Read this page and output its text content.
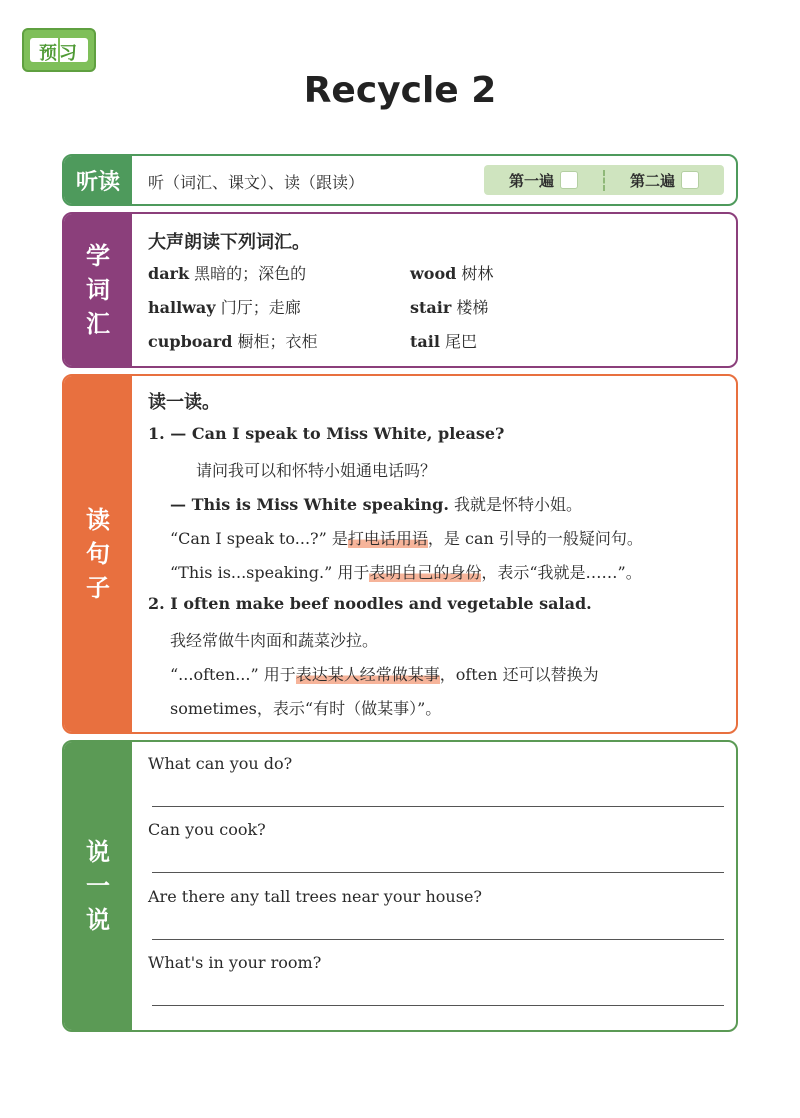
预习
Recycle 2
听读	听（词汇、课文）、读（跟读）	第一遍	第二遍
学
词
汇
大声朗读下列词汇。
dark 黑暗的；深色的	wood 树林
hallway 门厅；走廊	stair 楼梯
cupboard 橱柜；衣柜	tail 尾巴
读
句
子
读一读。
1. — Can I speak to Miss White, please?
请问我可以和怀特小姐通电话吗？
— This is Miss White speaking. 我就是怀特小姐。
“Can I speak to...?” 是打电话用语，是 can 引导的一般疑问句。
“This is...speaking.” 用于表明自己的身份，表示“我就是……”。
2. I often make beef noodles and vegetable salad.
我经常做牛肉面和蔬菜沙拉。
“...often...” 用于表达某人经常做某事，often 还可以替换为
sometimes，表示“有时（做某事）”。
说
一
说
What can you do?
Can you cook?
Are there any tall trees near your house?
What's in your room?
